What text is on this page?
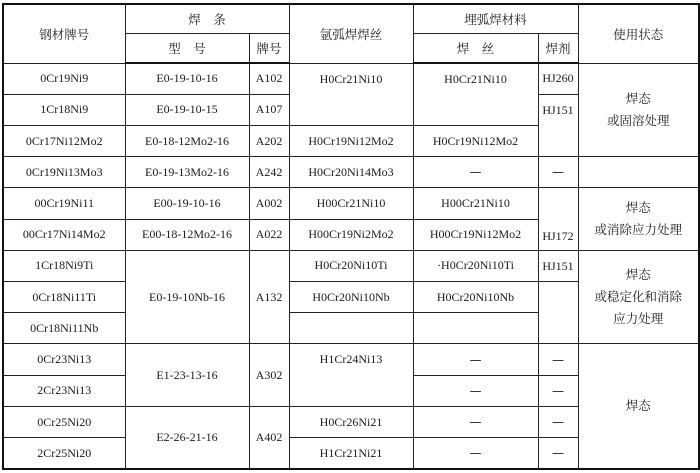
钢材牌号	焊　条		氩弧焊焊丝	埋弧焊材料		使用状态
	型　号	牌号		焊　丝	焊剂	
0Cr19Ni9	E0-19-10-16	A102	H0Cr21Ni10	H0Cr21Ni10	HJ260	焊态
或固溶处理

1Cr18Ni9	E0-19-10-15	A107			HJ151	
0Cr17Ni12Mo2	E0-18-12Mo2-16	A202	H0Cr19Ni12Mo2	H0Cr19Ni12Mo2		
0Cr19Ni13Mo3	E0-19-13Mo2-16	A242	H0Cr20Ni14Mo3	—	—	
00Cr19Ni11	E00-19-10-16	A002	H00Cr21Ni10	H00Cr21Ni10	HJ172	焊态
或消除应力处理

00Cr17Ni14Mo2	E00-18-12Mo2-16	A022	H00Cr19Ni2Mo2	H00Cr19Ni12Mo2		
1Cr18Ni9Ti	E0-19-10Nb-16	A132	H0Cr20Ni10Ti	·H0Cr20Ni10Ti	HJ151	焊态
或稳定化和消除
应力处理

0Cr18Ni11Ti			H0Cr20Ni10Nb	H0Cr20Ni10Nb		
0Cr18Ni11Nb						
0Cr23Ni13	E1-23-13-16	A302	H1Cr24Ni13	—	—	焊态

2Cr23Ni13				—	—	
0Cr25Ni20	E2-26-21-16	A402	H0Cr26Ni21	—	—	
2Cr25Ni20			H1Cr21Ni21	—	—	
